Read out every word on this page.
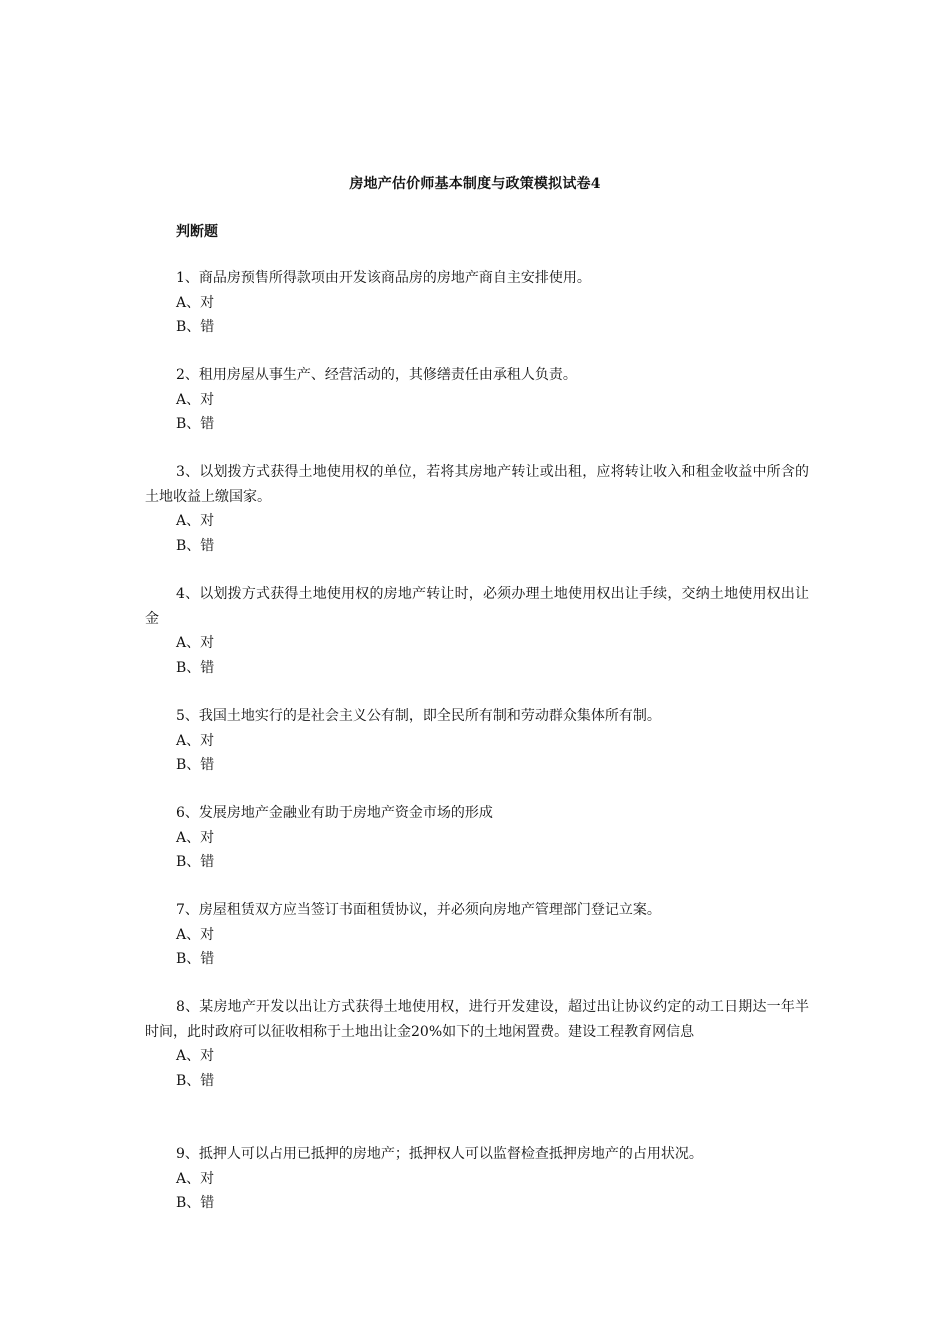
房地产估价师基本制度与政策模拟试卷4
判断题

1、商品房预售所得款项由开发该商品房的房地产商自主安排使用。

A、对

B、错

2、租用房屋从事生产、经营活动的，其修缮责任由承租人负责。

A、对

B、错

3、以划拨方式获得土地使用权的单位，若将其房地产转让或出租，应将转让收入和租金收益中所含的土地收益上缴国家。

A、对

B、错

4、以划拨方式获得土地使用权的房地产转让时，必须办理土地使用权出让手续，交纳土地使用权出让金

A、对

B、错

5、我国土地实行的是社会主义公有制，即全民所有制和劳动群众集体所有制。

A、对

B、错

6、发展房地产金融业有助于房地产资金市场的形成

A、对

B、错

7、房屋租赁双方应当签订书面租赁协议，并必须向房地产管理部门登记立案。

A、对

B、错

8、某房地产开发以出让方式获得土地使用权，进行开发建设，超过出让协议约定的动工日期达一年半时间，此时政府可以征收相称于土地出让金20%如下的土地闲置费。建设工程教育网信息

A、对

B、错

9、抵押人可以占用已抵押的房地产；抵押权人可以监督检查抵押房地产的占用状况。

A、对

B、错
